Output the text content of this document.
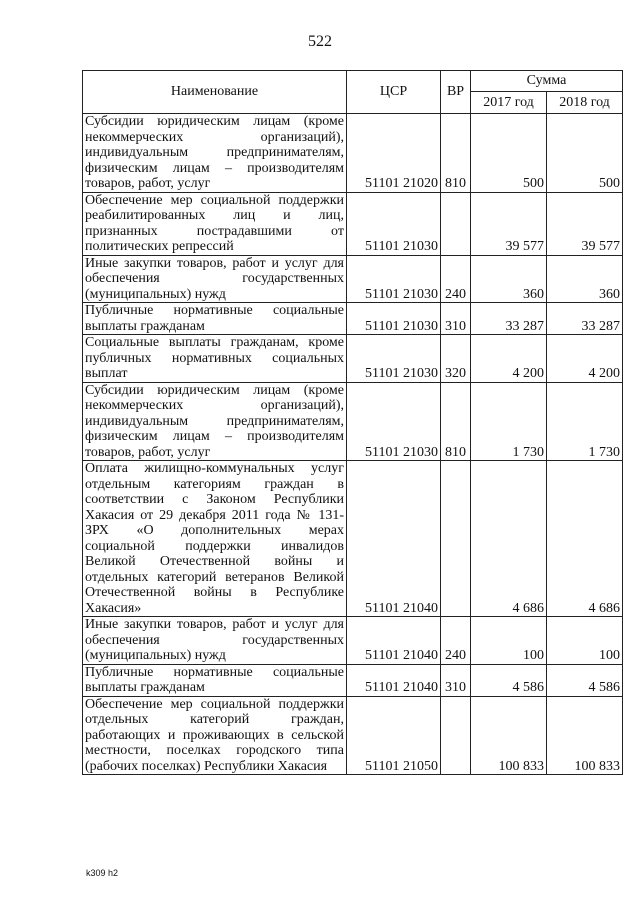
522
Наименование	ЦСР	ВР	Сумма	
			2017 год	2018 год
Субсидии юридическим лицам (кроме некоммерческих организаций), индивидуальным предпринимателям, физическим лицам – производителям товаров, работ, услуг	51101 21020	810	500	500
Обеспечение мер социальной поддержки реабилитированных лиц и лиц, признанных пострадавшими от политических репрессий	51101 21030		39 577	39 577
Иные закупки товаров, работ и услуг для обеспечения государственных (муниципальных) нужд	51101 21030	240	360	360
Публичные нормативные социальные выплаты гражданам	51101 21030	310	33 287	33 287
Социальные выплаты гражданам, кроме публичных нормативных социальных выплат	51101 21030	320	4 200	4 200
Субсидии юридическим лицам (кроме некоммерческих организаций), индивидуальным предпринимателям, физическим лицам – производителям товаров, работ, услуг	51101 21030	810	1 730	1 730
Оплата жилищно-коммунальных услуг отдельным категориям граждан в соответствии с Законом Республики Хакасия от 29 декабря 2011 года № 131-ЗРХ «О дополнительных мерах социальной поддержки инвалидов Великой Отечественной войны и отдельных категорий ветеранов Великой Отечественной войны в Республике Хакасия»	51101 21040		4 686	4 686
Иные закупки товаров, работ и услуг для обеспечения государственных (муниципальных) нужд	51101 21040	240	100	100
Публичные нормативные социальные выплаты гражданам	51101 21040	310	4 586	4 586
Обеспечение мер социальной поддержки отдельных категорий граждан, работающих и проживающих в сельской местности, поселках городского типа (рабочих поселках) Республики Хакасия	51101 21050		100 833	100 833
k309 h2
